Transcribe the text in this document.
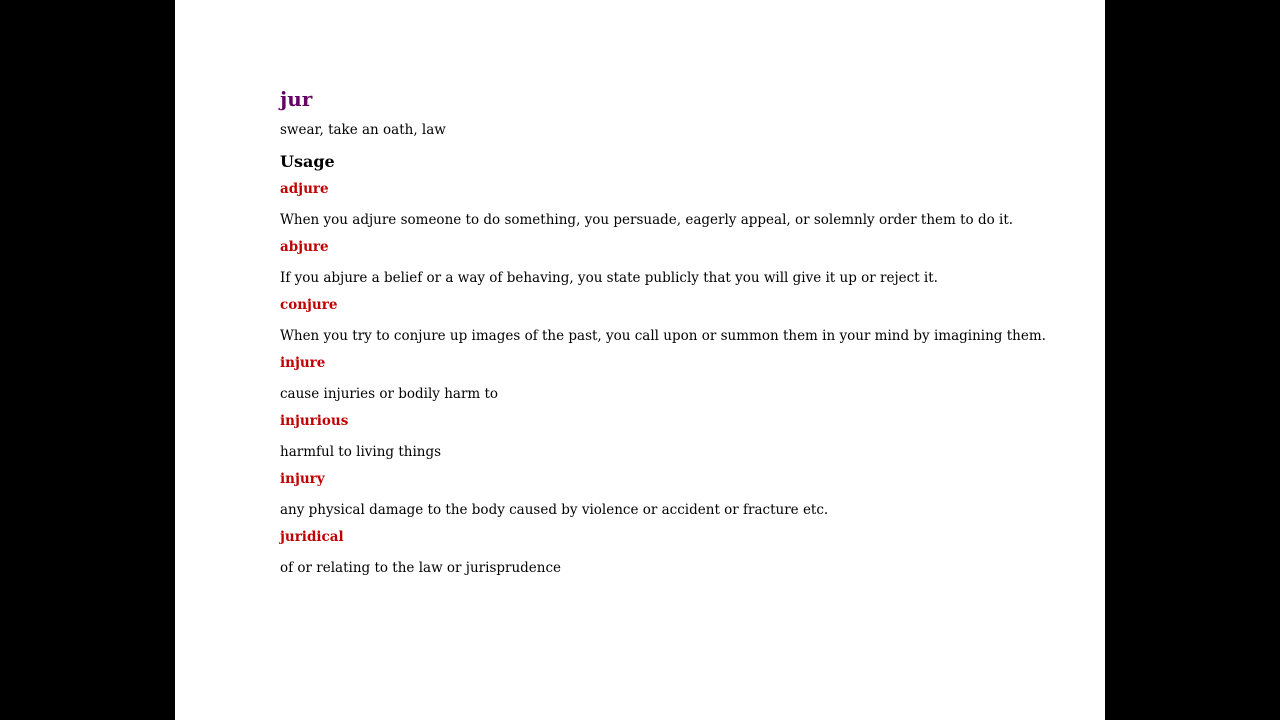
jur
swear, take an oath, law
Usage
adjure
When you adjure someone to do something, you persuade, eagerly appeal, or solemnly order them to do it.
abjure
If you abjure a belief or a way of behaving, you state publicly that you will give it up or reject it.
conjure
When you try to conjure up images of the past, you call upon or summon them in your mind by imagining them.
injure
cause injuries or bodily harm to
injurious
harmful to living things
injury
any physical damage to the body caused by violence or accident or fracture etc.
juridical
of or relating to the law or jurisprudence
